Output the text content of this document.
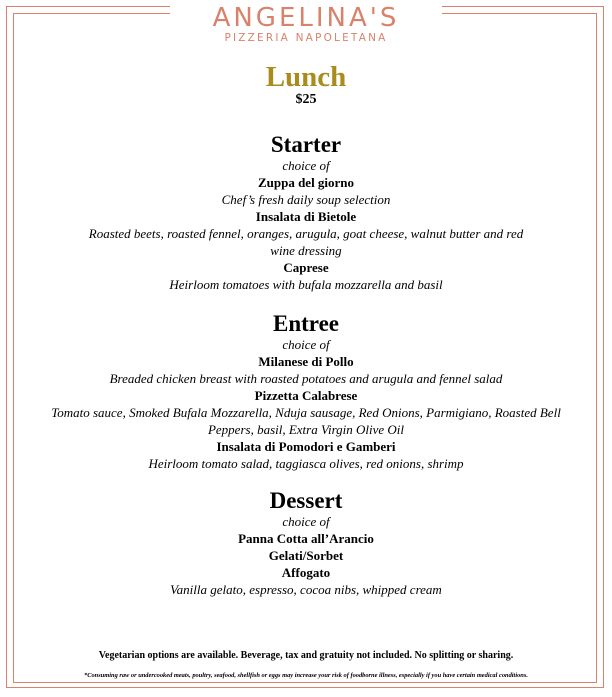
ANGELINA'S
PIZZERIA NAPOLETANA
Lunch
$25
Starter
choice of
Zuppa del giorno
Chef’s fresh daily soup selection
Insalata di Bietole
Roasted beets, roasted fennel, oranges, arugula, goat cheese, walnut butter and red wine dressing
Caprese
Heirloom tomatoes with bufala mozzarella and basil
Entree
choice of
Milanese di Pollo
Breaded chicken breast with roasted potatoes and arugula and fennel salad
Pizzetta Calabrese
Tomato sauce, Smoked Bufala Mozzarella, Nduja sausage, Red Onions, Parmigiano, Roasted Bell Peppers, basil, Extra Virgin Olive Oil
Insalata di Pomodori e Gamberi
Heirloom tomato salad, taggiasca olives, red onions, shrimp
Dessert
choice of
Panna Cotta all’Arancio
Gelati/Sorbet
Affogato
Vanilla gelato, espresso, cocoa nibs, whipped cream
Vegetarian options are available. Beverage, tax and gratuity not included. No splitting or sharing.
*Consuming raw or undercooked meats, poultry, seafood, shellfish or eggs may increase your risk of foodborne illness, especially if you have certain medical conditions.
